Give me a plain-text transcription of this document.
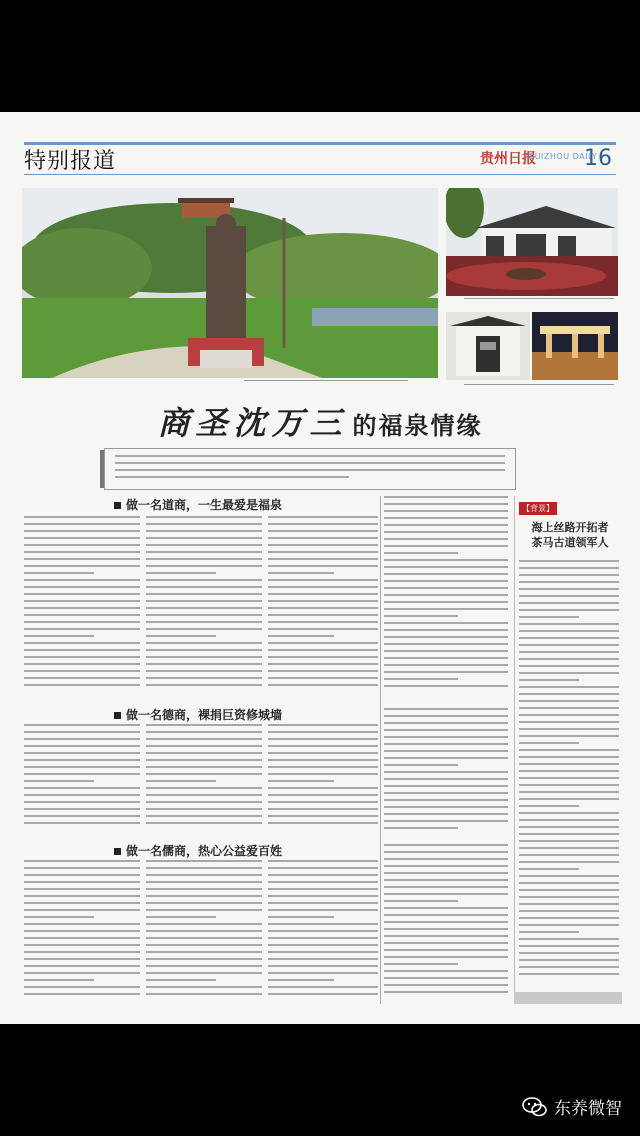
特别报道	贵州日报
GUIZHOU DAILY
16
商圣沈万三 的福泉情缘
做一名道商，一生最爱是福泉
做一名德商，裸捐巨资修城墙
做一名儒商，热心公益爱百姓
【背景】
海上丝路开拓者
茶马古道领军人
东养微智
